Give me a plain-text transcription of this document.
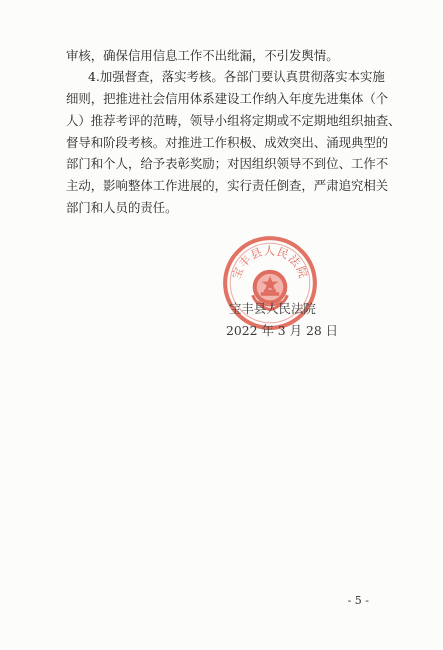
审核，确保信用信息工作不出纰漏，不引发舆情。
4.加强督查，落实考核。各部门要认真贯彻落实本实施
细则，把推进社会信用体系建设工作纳入年度先进集体（个
人）推荐考评的范畴，领导小组将定期或不定期地组织抽查、
督导和阶段考核。对推进工作积极、成效突出、涌现典型的
部门和个人，给予表彰奖励；对因组织领导不到位、工作不
主动，影响整体工作进展的，实行责任倒查，严肃追究相关
部门和人员的责任。
宝丰县人民法院
宝丰县人民法院
2022 年 3 月 28 日
- 5 -
